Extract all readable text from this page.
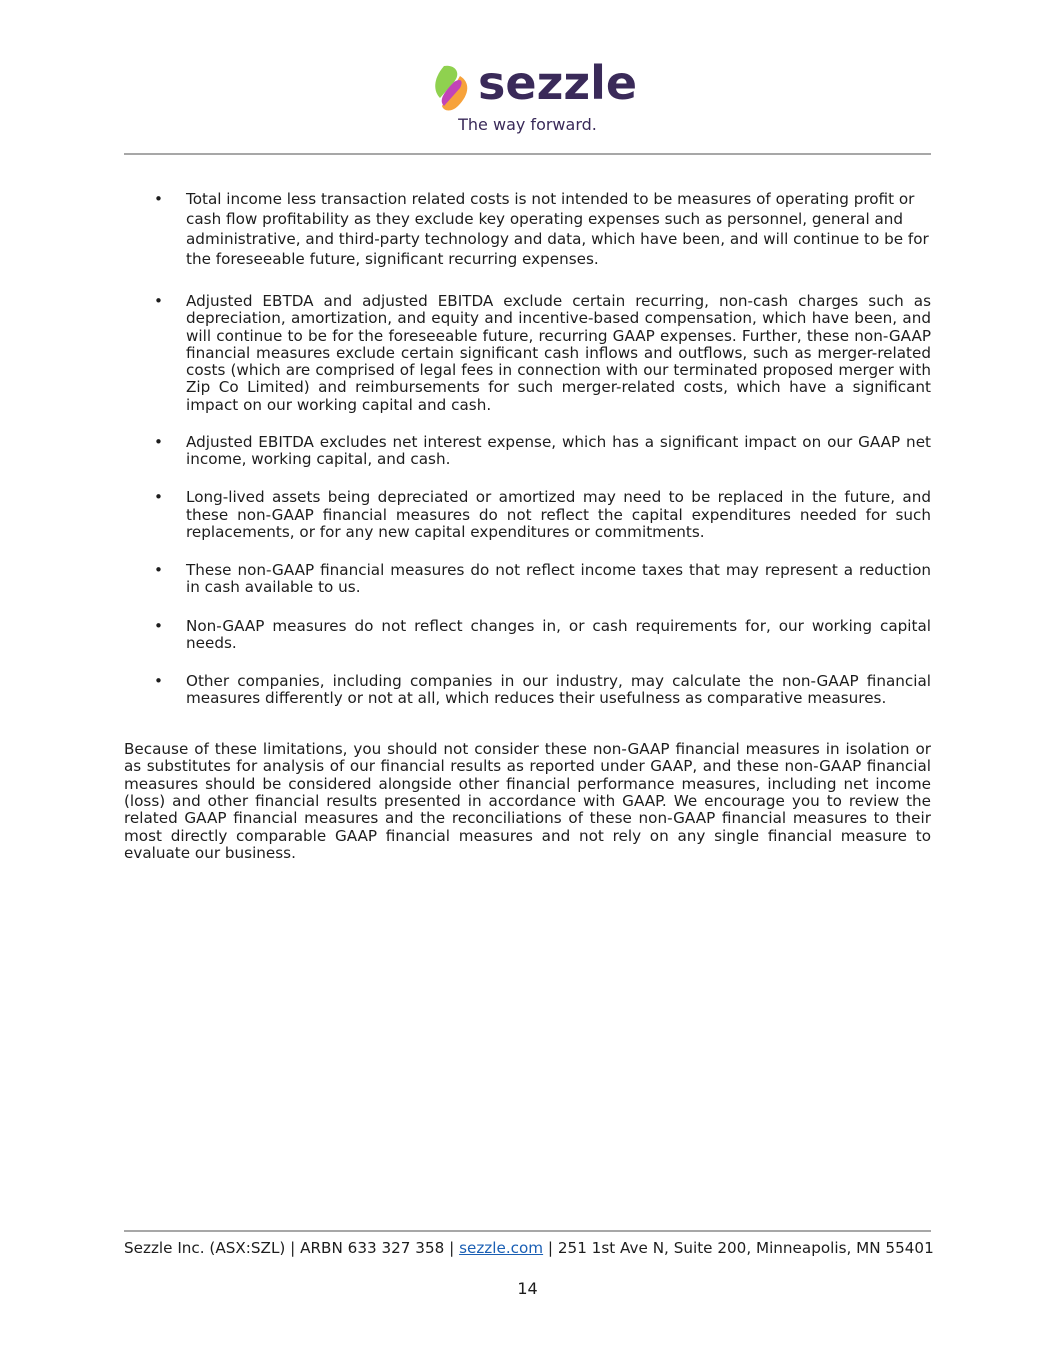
sezzle
The way forward.
• Total income less transaction related costs is not intended to be measures of operating profit or cash flow profitability as they exclude key operating expenses such as personnel, general and administrative, and third-party technology and data, which have been, and will continue to be for the foreseeable future, significant recurring expenses.
• Adjusted EBTDA and adjusted EBITDA exclude certain recurring, non-cash charges such as depreciation, amortization, and equity and incentive-based compensation, which have been, and will continue to be for the foreseeable future, recurring GAAP expenses. Further, these non-GAAP financial measures exclude certain significant cash inflows and outflows, such as merger-related costs (which are comprised of legal fees in connection with our terminated proposed merger with Zip Co Limited) and reimbursements for such merger-related costs, which have a significant impact on our working capital and cash.
• Adjusted EBITDA excludes net interest expense, which has a significant impact on our GAAP net income, working capital, and cash.
• Long-lived assets being depreciated or amortized may need to be replaced in the future, and these non-GAAP financial measures do not reflect the capital expenditures needed for such replacements, or for any new capital expenditures or commitments.
• These non-GAAP financial measures do not reflect income taxes that may represent a reduction in cash available to us.
• Non-GAAP measures do not reflect changes in, or cash requirements for, our working capital needs.
• Other companies, including companies in our industry, may calculate the non-GAAP financial measures differently or not at all, which reduces their usefulness as comparative measures.

Because of these limitations, you should not consider these non-GAAP financial measures in isolation or as substitutes for analysis of our financial results as reported under GAAP, and these non-GAAP financial measures should be considered alongside other financial performance measures, including net income (loss) and other financial results presented in accordance with GAAP. We encourage you to review the related GAAP financial measures and the reconciliations of these non-GAAP financial measures to their most directly comparable GAAP financial measures and not rely on any single financial measure to evaluate our business.

Sezzle Inc. (ASX:SZL) | ARBN 633 327 358 | sezzle.com | 251 1st Ave N, Suite 200, Minneapolis, MN 55401
14
